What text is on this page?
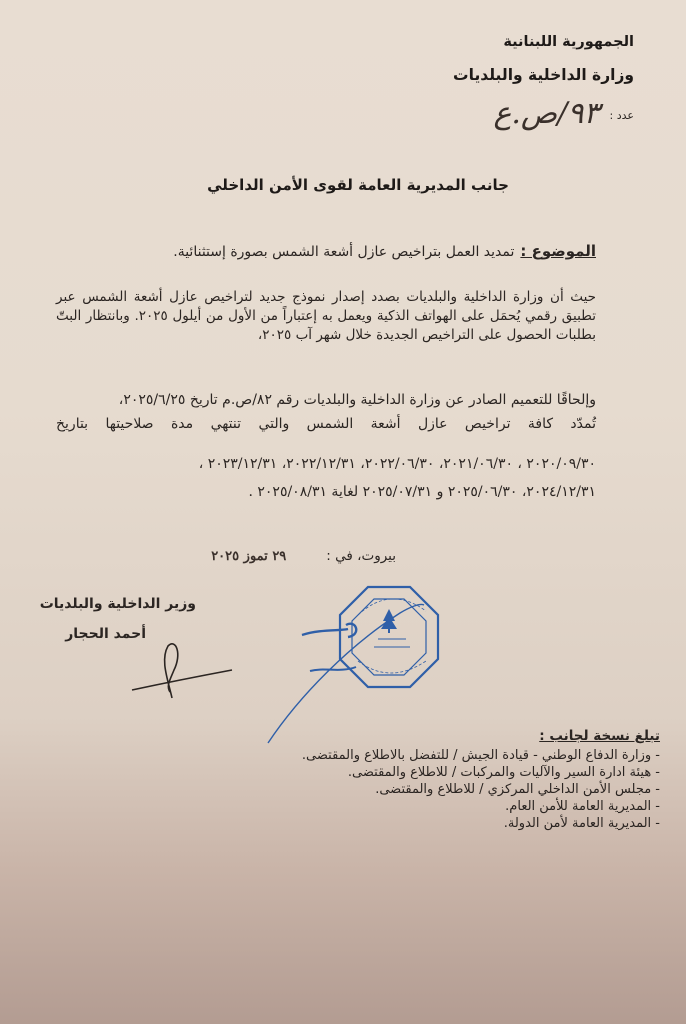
الجمهورية اللبنانية
وزارة الداخلية والبلديات
عدد :
٩٣/ص.ع
جانب المديرية العامة لقوى الأمن الداخلي
الموضوع :
تمديد العمل بتراخيص عازل أشعة الشمس بصورة إستثنائية.
حيث أن وزارة الداخلية والبلديات بصدد إصدار نموذج جديد لتراخيص عازل أشعة الشمس عبر تطبيق رقمي يُحمَل على الهواتف الذكية ويعمل به إعتباراً من الأول من أيلول ٢٠٢٥. وبانتظار البتّ بطلبات الحصول على التراخيص الجديدة خلال شهر آب ٢٠٢٥،
وإلحاقًا للتعميم الصادر عن وزارة الداخلية والبلديات رقم ٨٢/ص.م تاريخ ٢٠٢٥/٦/٢٥،
تُمدّد كافة تراخيص عازل أشعة الشمس والتي تنتهي مدة صلاحيتها بتاريخ
٢٠٢٠/٠٩/٣٠ ، ٢٠٢١/٠٦/٣٠، ٢٠٢٢/٠٦/٣٠، ٢٠٢٢/١٢/٣١، ٢٠٢٣/١٢/٣١ ،
٢٠٢٤/١٢/٣١، ٢٠٢٥/٠٦/٣٠ و ٢٠٢٥/٠٧/٣١ لغاية ٢٠٢٥/٠٨/٣١ .
بيروت، في :
٢٩ تموز ٢٠٢٥
وزير الداخلية والبلديات
أحمد الحجار
تبلغ نسخة لجانب :
- وزارة الدفاع الوطني - قيادة الجيش / للتفضل بالاطلاع والمقتضى.
- هيئة ادارة السير والآليات والمركبات / للاطلاع والمقتضى.
- مجلس الأمن الداخلي المركزي / للاطلاع والمقتضى.
- المديرية العامة للأمن العام.
- المديرية العامة لأمن الدولة.
